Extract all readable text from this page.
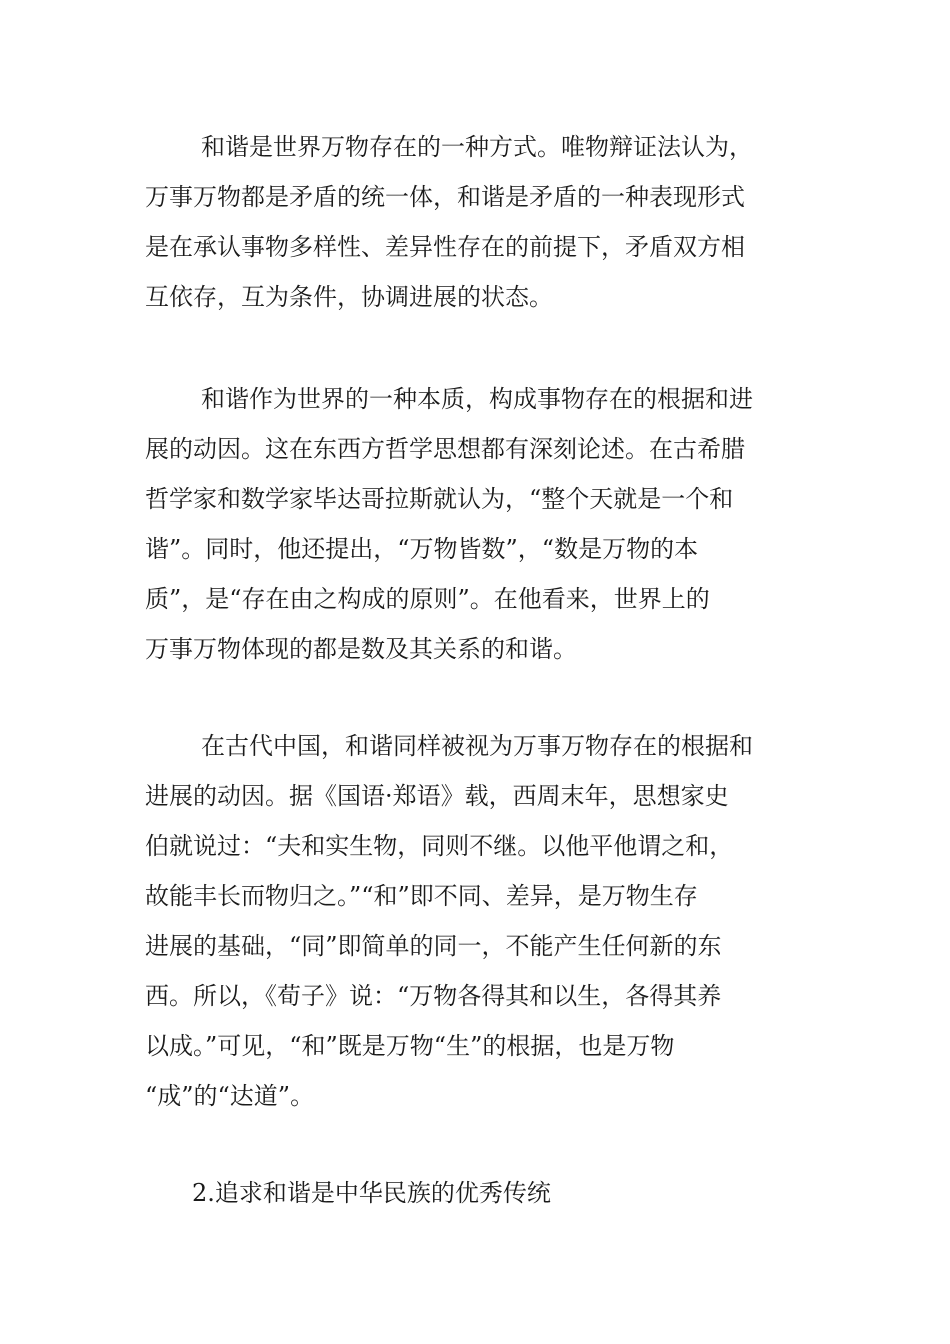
和谐是世界万物存在的一种方式。唯物辩证法认为，
万事万物都是矛盾的统一体，和谐是矛盾的一种表现形式
是在承认事物多样性、差异性存在的前提下，矛盾双方相
互依存，互为条件，协调进展的状态。
和谐作为世界的一种本质，构成事物存在的根据和进
展的动因。这在东西方哲学思想都有深刻论述。在古希腊
哲学家和数学家毕达哥拉斯就认为，“整个天就是一个和
谐”。同时，他还提出，“万物皆数”，“数是万物的本
质”，是“存在由之构成的原则”。在他看来，世界上的
万事万物体现的都是数及其关系的和谐。
在古代中国，和谐同样被视为万事万物存在的根据和
进展的动因。据《国语·郑语》载，西周末年，思想家史
伯就说过：“夫和实生物，同则不继。以他平他谓之和，
故能丰长而物归之。”“和”即不同、差异，是万物生存
进展的基础，“同”即简单的同一，不能产生任何新的东
西。所以，《荀子》说：“万物各得其和以生，各得其养
以成。”可见，“和”既是万物“生”的根据，也是万物
“成”的“达道”。
2.追求和谐是中华民族的优秀传统
